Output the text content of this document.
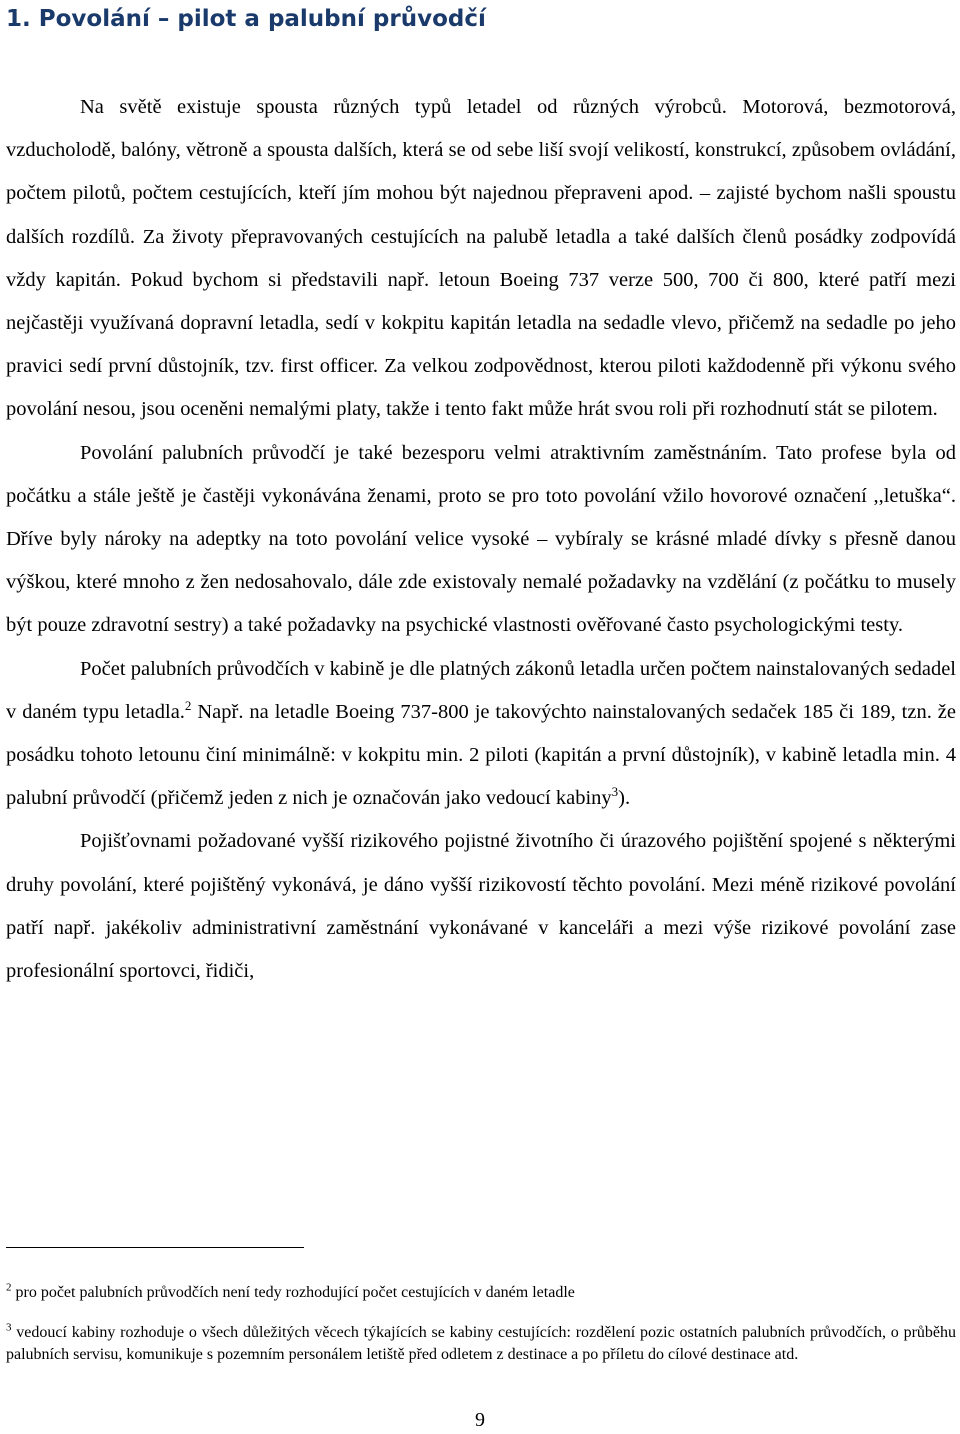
1. Povolání – pilot a palubní průvodčí

Na světě existuje spousta různých typů letadel od různých výrobců. Motorová, bezmotorová, vzducholodě, balóny, větroně a spousta dalších, která se od sebe liší svojí velikostí, konstrukcí, způsobem ovládání, počtem pilotů, počtem cestujících, kteří jím mohou být najednou přepraveni apod. – zajisté bychom našli spoustu dalších rozdílů. Za životy přepravovaných cestujících na palubě letadla a také dalších členů posádky zodpovídá vždy kapitán. Pokud bychom si představili např. letoun Boeing 737 verze 500, 700 či 800, které patří mezi nejčastěji využívaná dopravní letadla, sedí v kokpitu kapitán letadla na sedadle vlevo, přičemž na sedadle po jeho pravici sedí první důstojník, tzv. first officer. Za velkou zodpovědnost, kterou piloti každodenně při výkonu svého povolání nesou, jsou oceněni nemalými platy, takže i tento fakt může hrát svou roli při rozhodnutí stát se pilotem.

Povolání palubních průvodčí je také bezesporu velmi atraktivním zaměstnáním. Tato profese byla od počátku a stále ještě je častěji vykonávána ženami, proto se pro toto povolání vžilo hovorové označení ,,letuška“. Dříve byly nároky na adeptky na toto povolání velice vysoké – vybíraly se krásné mladé dívky s přesně danou výškou, které mnoho z žen nedosahovalo, dále zde existovaly nemalé požadavky na vzdělání (z počátku to musely být pouze zdravotní sestry) a také požadavky na psychické vlastnosti ověřované často psychologickými testy.

Počet palubních průvodčích v kabině je dle platných zákonů letadla určen počtem nainstalovaných sedadel v daném typu letadla.$^2$ Např. na letadle Boeing 737-800 je takovýchto nainstalovaných sedaček 185 či 189, tzn. že posádku tohoto letounu činí minimálně: v kokpitu min. 2 piloti (kapitán a první důstojník), v kabině letadla min. 4 palubní průvodčí (přičemž jeden z nich je označován jako vedoucí kabiny$^3$).

Pojišťovnami požadované vyšší rizikového pojistné životního či úrazového pojištění spojené s některými druhy povolání, které pojištěný vykonává, je dáno vyšší rizikovostí těchto povolání. Mezi méně rizikové povolání patří např. jakékoliv administrativní zaměstnání vykonávané v kanceláři a mezi výše rizikové povolání zase profesionální sportovci, řidiči,

$^2$ pro počet palubních průvodčích není tedy rozhodující počet cestujících v daném letadle

$^3$ vedoucí kabiny rozhoduje o všech důležitých věcech týkajících se kabiny cestujících: rozdělení pozic ostatních palubních průvodčích, o průběhu palubních servisu, komunikuje s pozemním personálem letiště před odletem z destinace a po příletu do cílové destinace atd.

9
